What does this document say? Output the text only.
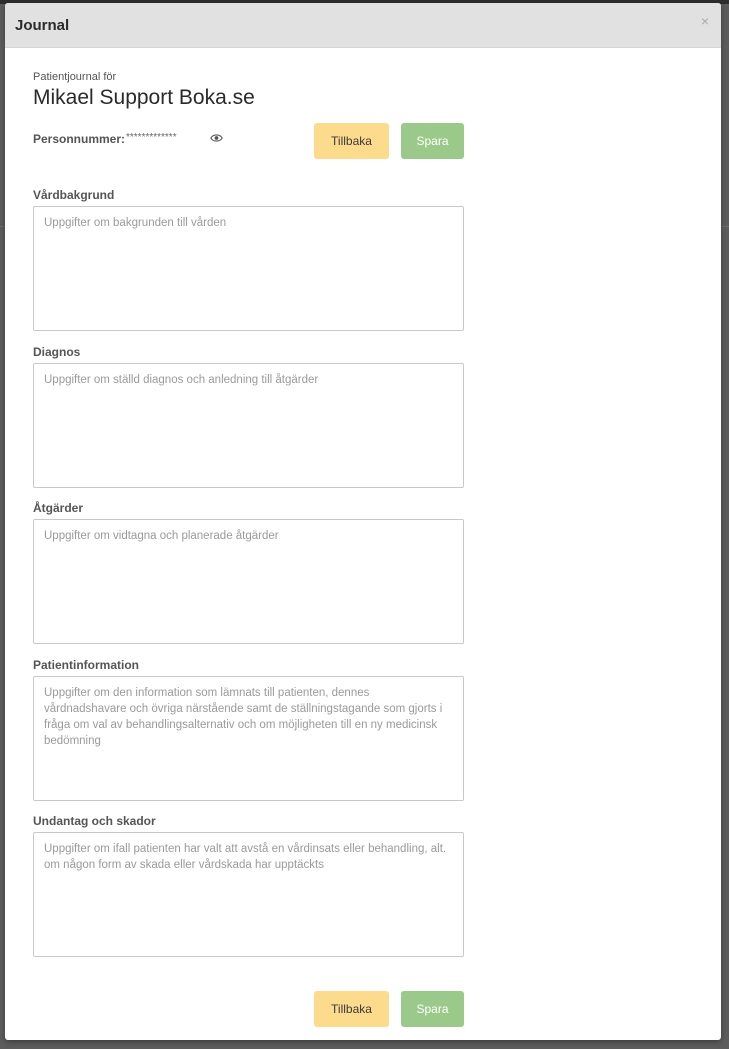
Journal	×
Patientjournal för
Mikael Support Boka.se
Personnummer: *************	Tillbaka	Spara
Vårdbakgrund
Uppgifter om bakgrunden till vården
Diagnos
Uppgifter om ställd diagnos och anledning till åtgärder
Åtgärder
Uppgifter om vidtagna och planerade åtgärder
Patientinformation
Uppgifter om den information som lämnats till patienten, dennes vårdnadshavare och övriga närstående samt de ställningstagande som gjorts i fråga om val av behandlingsalternativ och om möjligheten till en ny medicinsk bedömning
Undantag och skador
Uppgifter om ifall patienten har valt att avstå en vårdinsats eller behandling, alt. om någon form av skada eller vårdskada har upptäckts
Tillbaka	Spara
